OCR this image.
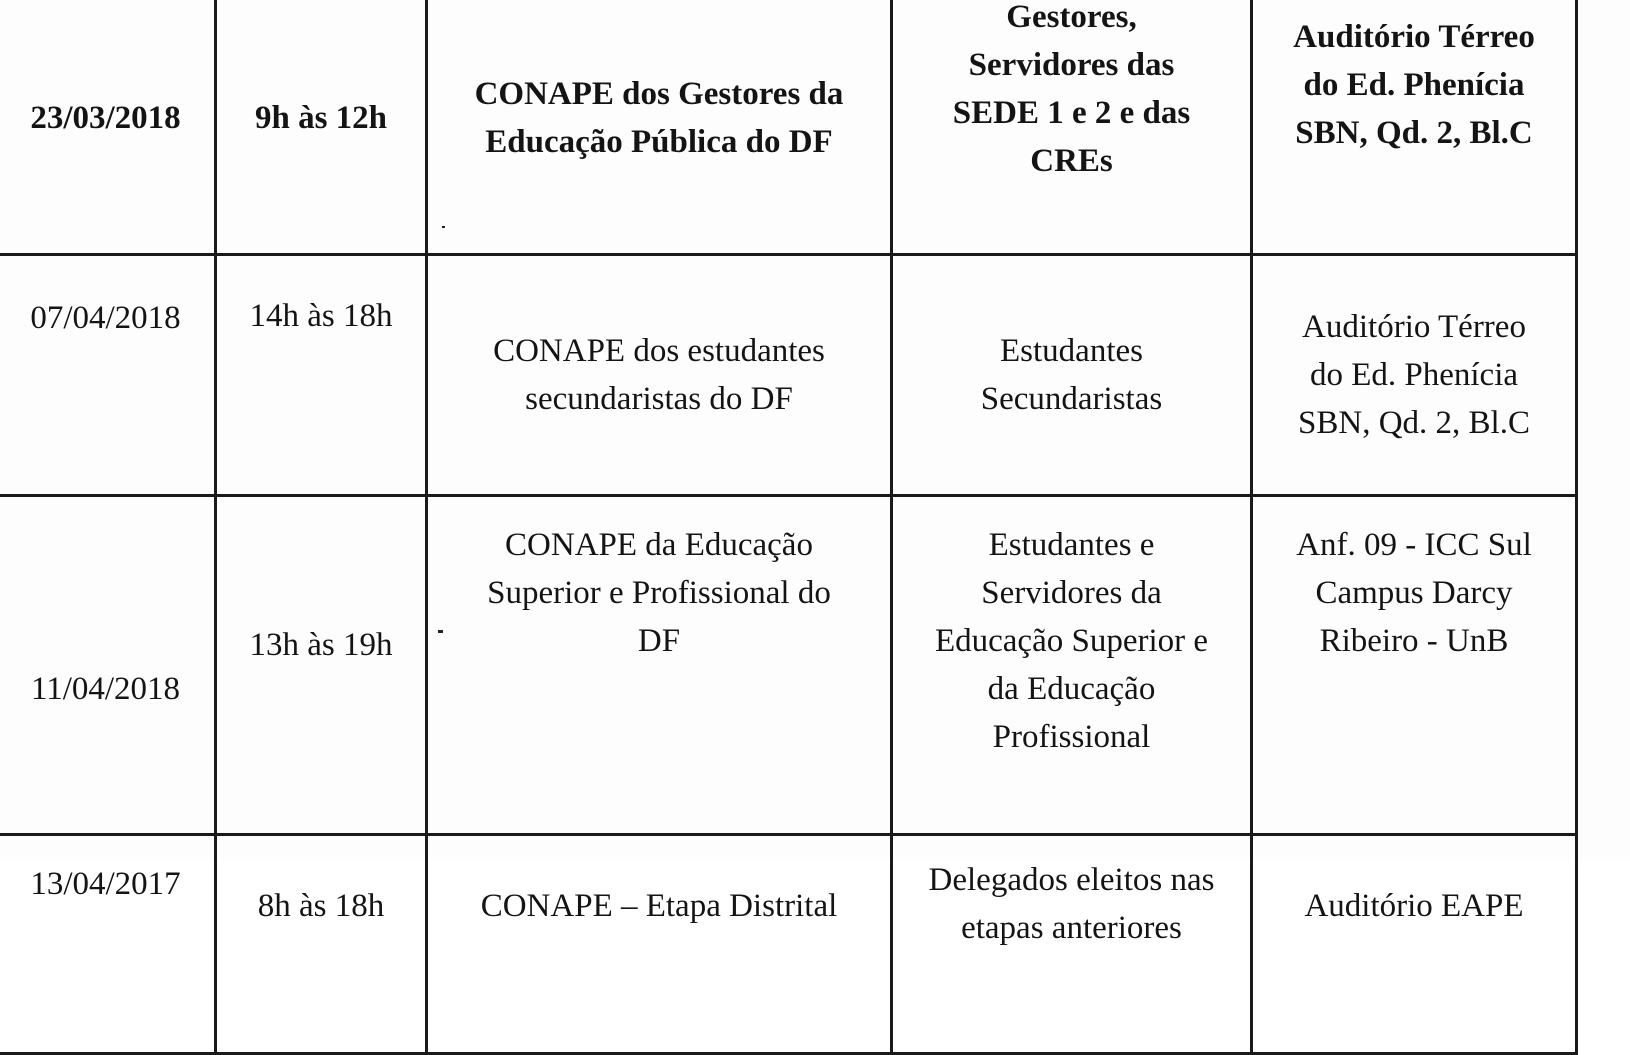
23/03/2018	9h às 12h	CONAPE dos Gestores da
Educação Pública do DF	Gestores,
Servidores das
SEDE 1 e 2 e das
CREs	Auditório Térreo
do Ed. Phenícia
SBN, Qd. 2, Bl.C

07/04/2018	14h às 18h	CONAPE dos estudantes
secundaristas do DF	Estudantes
Secundaristas	Auditório Térreo
do Ed. Phenícia
SBN, Qd. 2, Bl.C

11/04/2018	13h às 19h	CONAPE da Educação
Superior e Profissional do
DF	Estudantes e
Servidores da
Educação Superior e
da Educação
Profissional	Anf. 09 - ICC Sul
Campus Darcy
Ribeiro - UnB

13/04/2017	8h às 18h	CONAPE – Etapa Distrital	Delegados eleitos nas
etapas anteriores	Auditório EAPE
